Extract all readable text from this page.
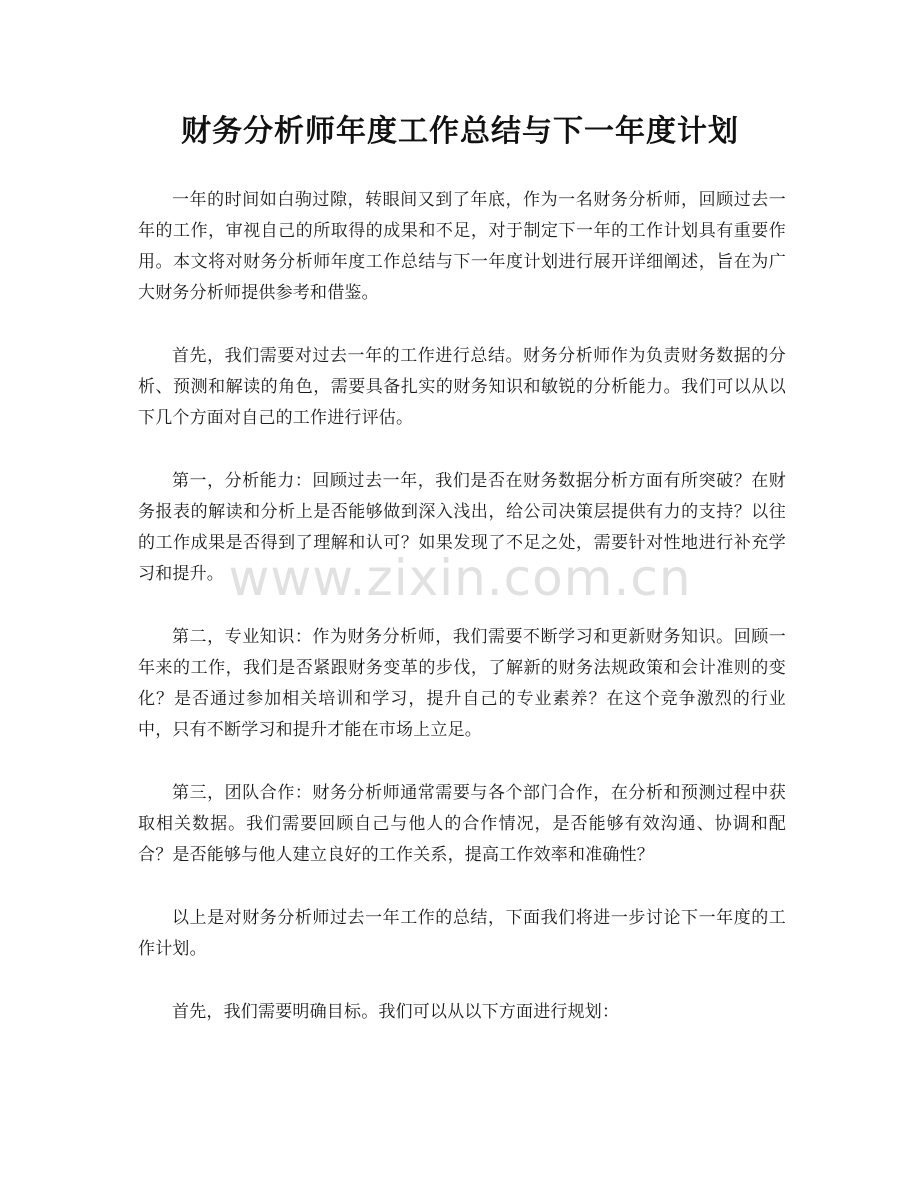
财务分析师年度工作总结与下一年度计划

一年的时间如白驹过隙，转眼间又到了年底，作为一名财务分析师，回顾过去一年的工作，审视自己的所取得的成果和不足，对于制定下一年的工作计划具有重要作用。本文将对财务分析师年度工作总结与下一年度计划进行展开详细阐述，旨在为广大财务分析师提供参考和借鉴。

首先，我们需要对过去一年的工作进行总结。财务分析师作为负责财务数据的分析、预测和解读的角色，需要具备扎实的财务知识和敏锐的分析能力。我们可以从以下几个方面对自己的工作进行评估。

第一，分析能力：回顾过去一年，我们是否在财务数据分析方面有所突破？在财务报表的解读和分析上是否能够做到深入浅出，给公司决策层提供有力的支持？以往的工作成果是否得到了理解和认可？如果发现了不足之处，需要针对性地进行补充学习和提升。

第二，专业知识：作为财务分析师，我们需要不断学习和更新财务知识。回顾一年来的工作，我们是否紧跟财务变革的步伐，了解新的财务法规政策和会计准则的变化？是否通过参加相关培训和学习，提升自己的专业素养？在这个竞争激烈的行业中，只有不断学习和提升才能在市场上立足。

第三，团队合作：财务分析师通常需要与各个部门合作，在分析和预测过程中获取相关数据。我们需要回顾自己与他人的合作情况，是否能够有效沟通、协调和配合？是否能够与他人建立良好的工作关系，提高工作效率和准确性？

以上是对财务分析师过去一年工作的总结，下面我们将进一步讨论下一年度的工作计划。

首先，我们需要明确目标。我们可以从以下方面进行规划：

www.zixin.com.cn
